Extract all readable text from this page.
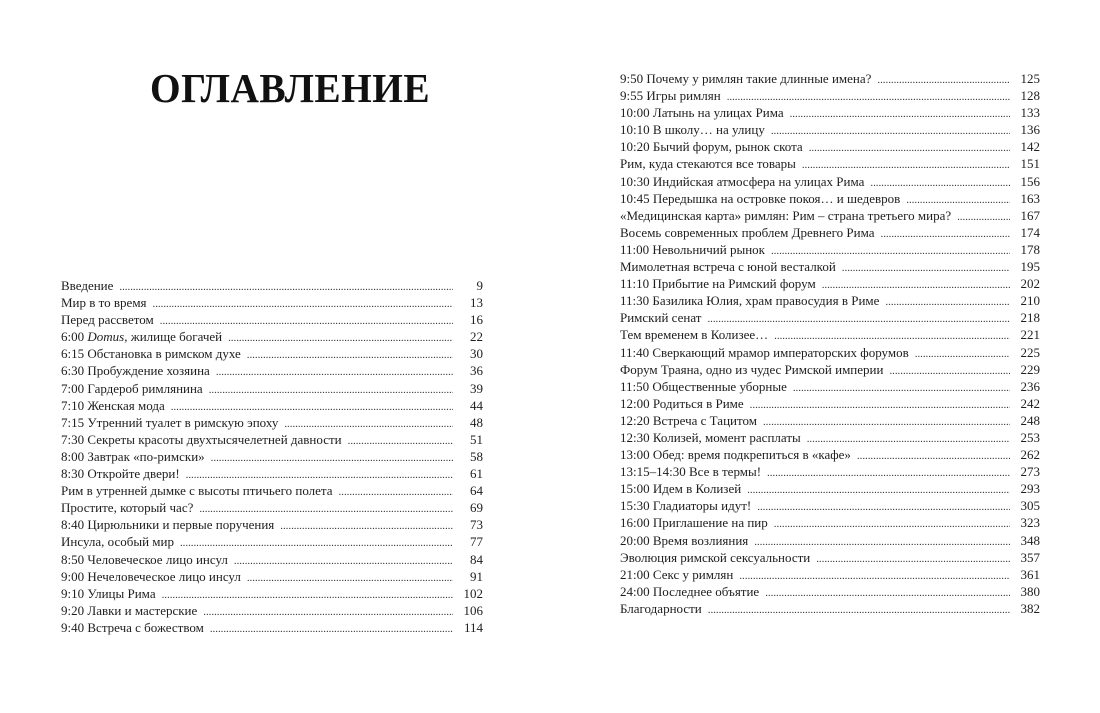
ОГЛАВЛЕНИЕ
Введение . . .	9
Мир в то время . . .	13
Перед рассветом . . .	16
6:00 Domus, жилище богачей . . .	22
6:15 Обстановка в римском духе . . .	30
6:30 Пробуждение хозяина . . .	36
7:00 Гардероб римлянина . . .	39
7:10 Женская мода . . .	44
7:15 Утренний туалет в римскую эпоху . . .	48
7:30 Секреты красоты двухтысячелетней давности . . .	51
8:00 Завтрак «по-римски» . . .	58
8:30 Откройте двери! . . .	61
Рим в утренней дымке с высоты птичьего полета . . .	64
Простите, который час? . . .	69
8:40 Цирюльники и первые поручения . . .	73
Инсула, особый мир . . .	77
8:50 Человеческое лицо инсул . . .	84
9:00 Нечеловеческое лицо инсул . . .	91
9:10 Улицы Рима . . .	102
9:20 Лавки и мастерские . . .	106
9:40 Встреча с божеством . . .	114
9:50 Почему у римлян такие длинные имена? . . .	125
9:55 Игры римлян . . .	128
10:00 Латынь на улицах Рима . . .	133
10:10 В школу… на улицу . . .	136
10:20 Бычий форум, рынок скота . . .	142
Рим, куда стекаются все товары . . .	151
10:30 Индийская атмосфера на улицах Рима . . .	156
10:45 Передышка на островке покоя… и шедевров . . .	163
«Медицинская карта» римлян: Рим – страна третьего мира? . . .	167
Восемь современных проблем Древнего Рима . . .	174
11:00 Невольничий рынок . . .	178
Мимолетная встреча с юной весталкой . . .	195
11:10 Прибытие на Римский форум . . .	202
11:30 Базилика Юлия, храм правосудия в Риме . . .	210
Римский сенат . . .	218
Тем временем в Колизее… . . .	221
11:40 Сверкающий мрамор императорских форумов . . .	225
Форум Траяна, одно из чудес Римской империи . . .	229
11:50 Общественные уборные . . .	236
12:00 Родиться в Риме . . .	242
12:20 Встреча с Тацитом . . .	248
12:30 Колизей, момент расплаты . . .	253
13:00 Обед: время подкрепиться в «кафе» . . .	262
13:15–14:30 Все в термы! . . .	273
15:00 Идем в Колизей . . .	293
15:30 Гладиаторы идут! . . .	305
16:00 Приглашение на пир . . .	323
20:00 Время возлияния . . .	348
Эволюция римской сексуальности . . .	357
21:00 Секс у римлян . . .	361
24:00 Последнее объятие . . .	380
Благодарности . . .	382
